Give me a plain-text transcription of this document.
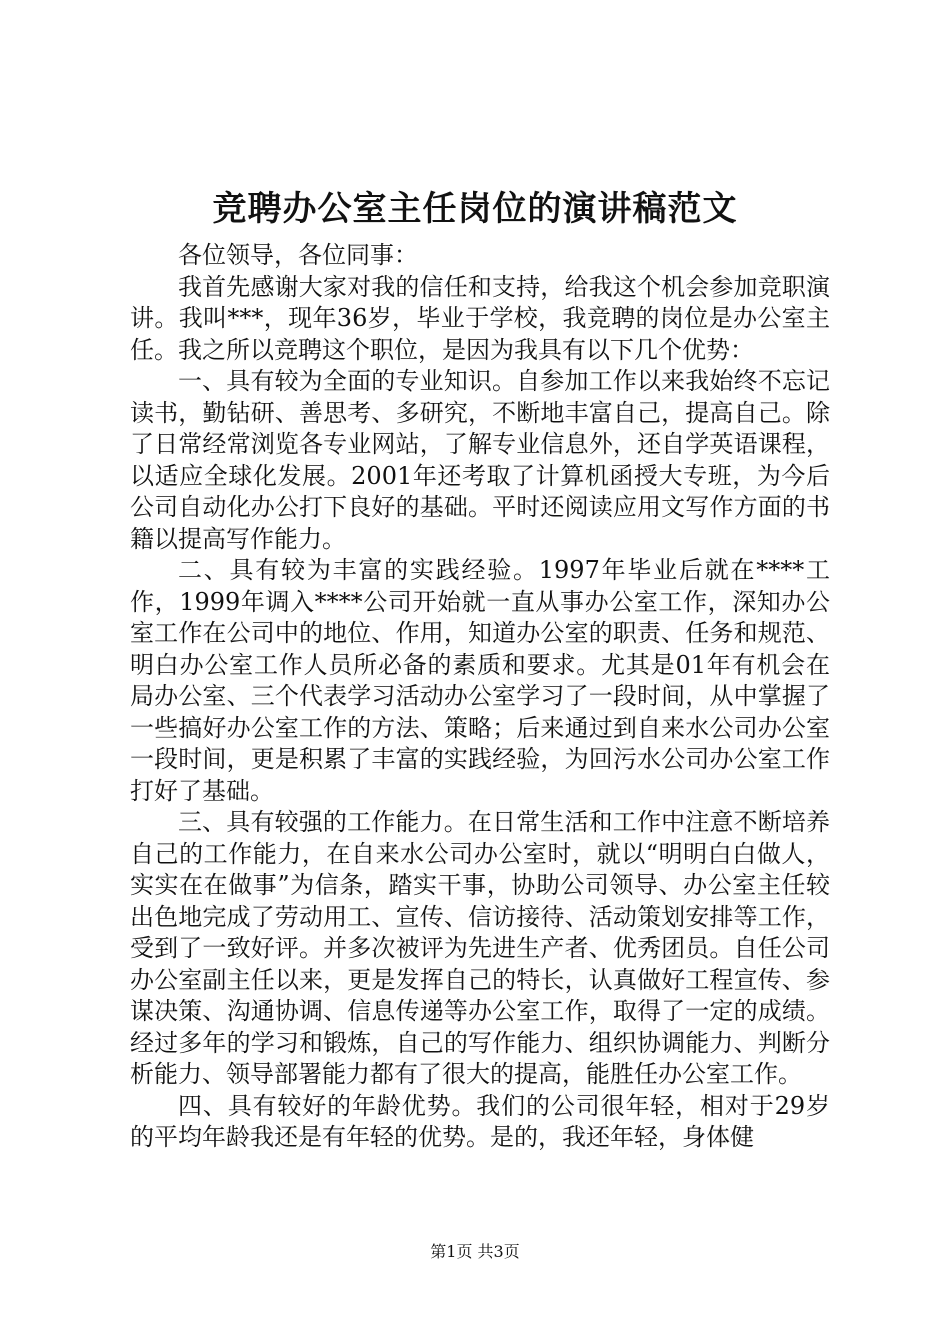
竞聘办公室主任岗位的演讲稿范文

各位领导，各位同事：

我首先感谢大家对我的信任和支持，给我这个机会参加竞职演讲。我叫***，现年36岁，毕业于学校，我竞聘的岗位是办公室主任。我之所以竞聘这个职位，是因为我具有以下几个优势：

一、具有较为全面的专业知识。自参加工作以来我始终不忘记读书，勤钻研、善思考、多研究，不断地丰富自己，提高自己。除了日常经常浏览各专业网站，了解专业信息外，还自学英语课程，以适应全球化发展。2001年还考取了计算机函授大专班，为今后公司自动化办公打下良好的基础。平时还阅读应用文写作方面的书籍以提高写作能力。

二、具有较为丰富的实践经验。1997年毕业后就在****工作，1999年调入****公司开始就一直从事办公室工作，深知办公室工作在公司中的地位、作用，知道办公室的职责、任务和规范、明白办公室工作人员所必备的素质和要求。尤其是01年有机会在局办公室、三个代表学习活动办公室学习了一段时间，从中掌握了一些搞好办公室工作的方法、策略；后来通过到自来水公司办公室一段时间，更是积累了丰富的实践经验，为回污水公司办公室工作打好了基础。

三、具有较强的工作能力。在日常生活和工作中注意不断培养自己的工作能力，在自来水公司办公室时，就以“明明白白做人，实实在在做事”为信条，踏实干事，协助公司领导、办公室主任较出色地完成了劳动用工、宣传、信访接待、活动策划安排等工作，受到了一致好评。并多次被评为先进生产者、优秀团员。自任公司办公室副主任以来，更是发挥自己的特长，认真做好工程宣传、参谋决策、沟通协调、信息传递等办公室工作，取得了一定的成绩。经过多年的学习和锻炼，自己的写作能力、组织协调能力、判断分析能力、领导部署能力都有了很大的提高，能胜任办公室工作。

四、具有较好的年龄优势。我们的公司很年轻，相对于29岁的平均年龄我还是有年轻的优势。是的，我还年轻，身体健

第1页 共3页
